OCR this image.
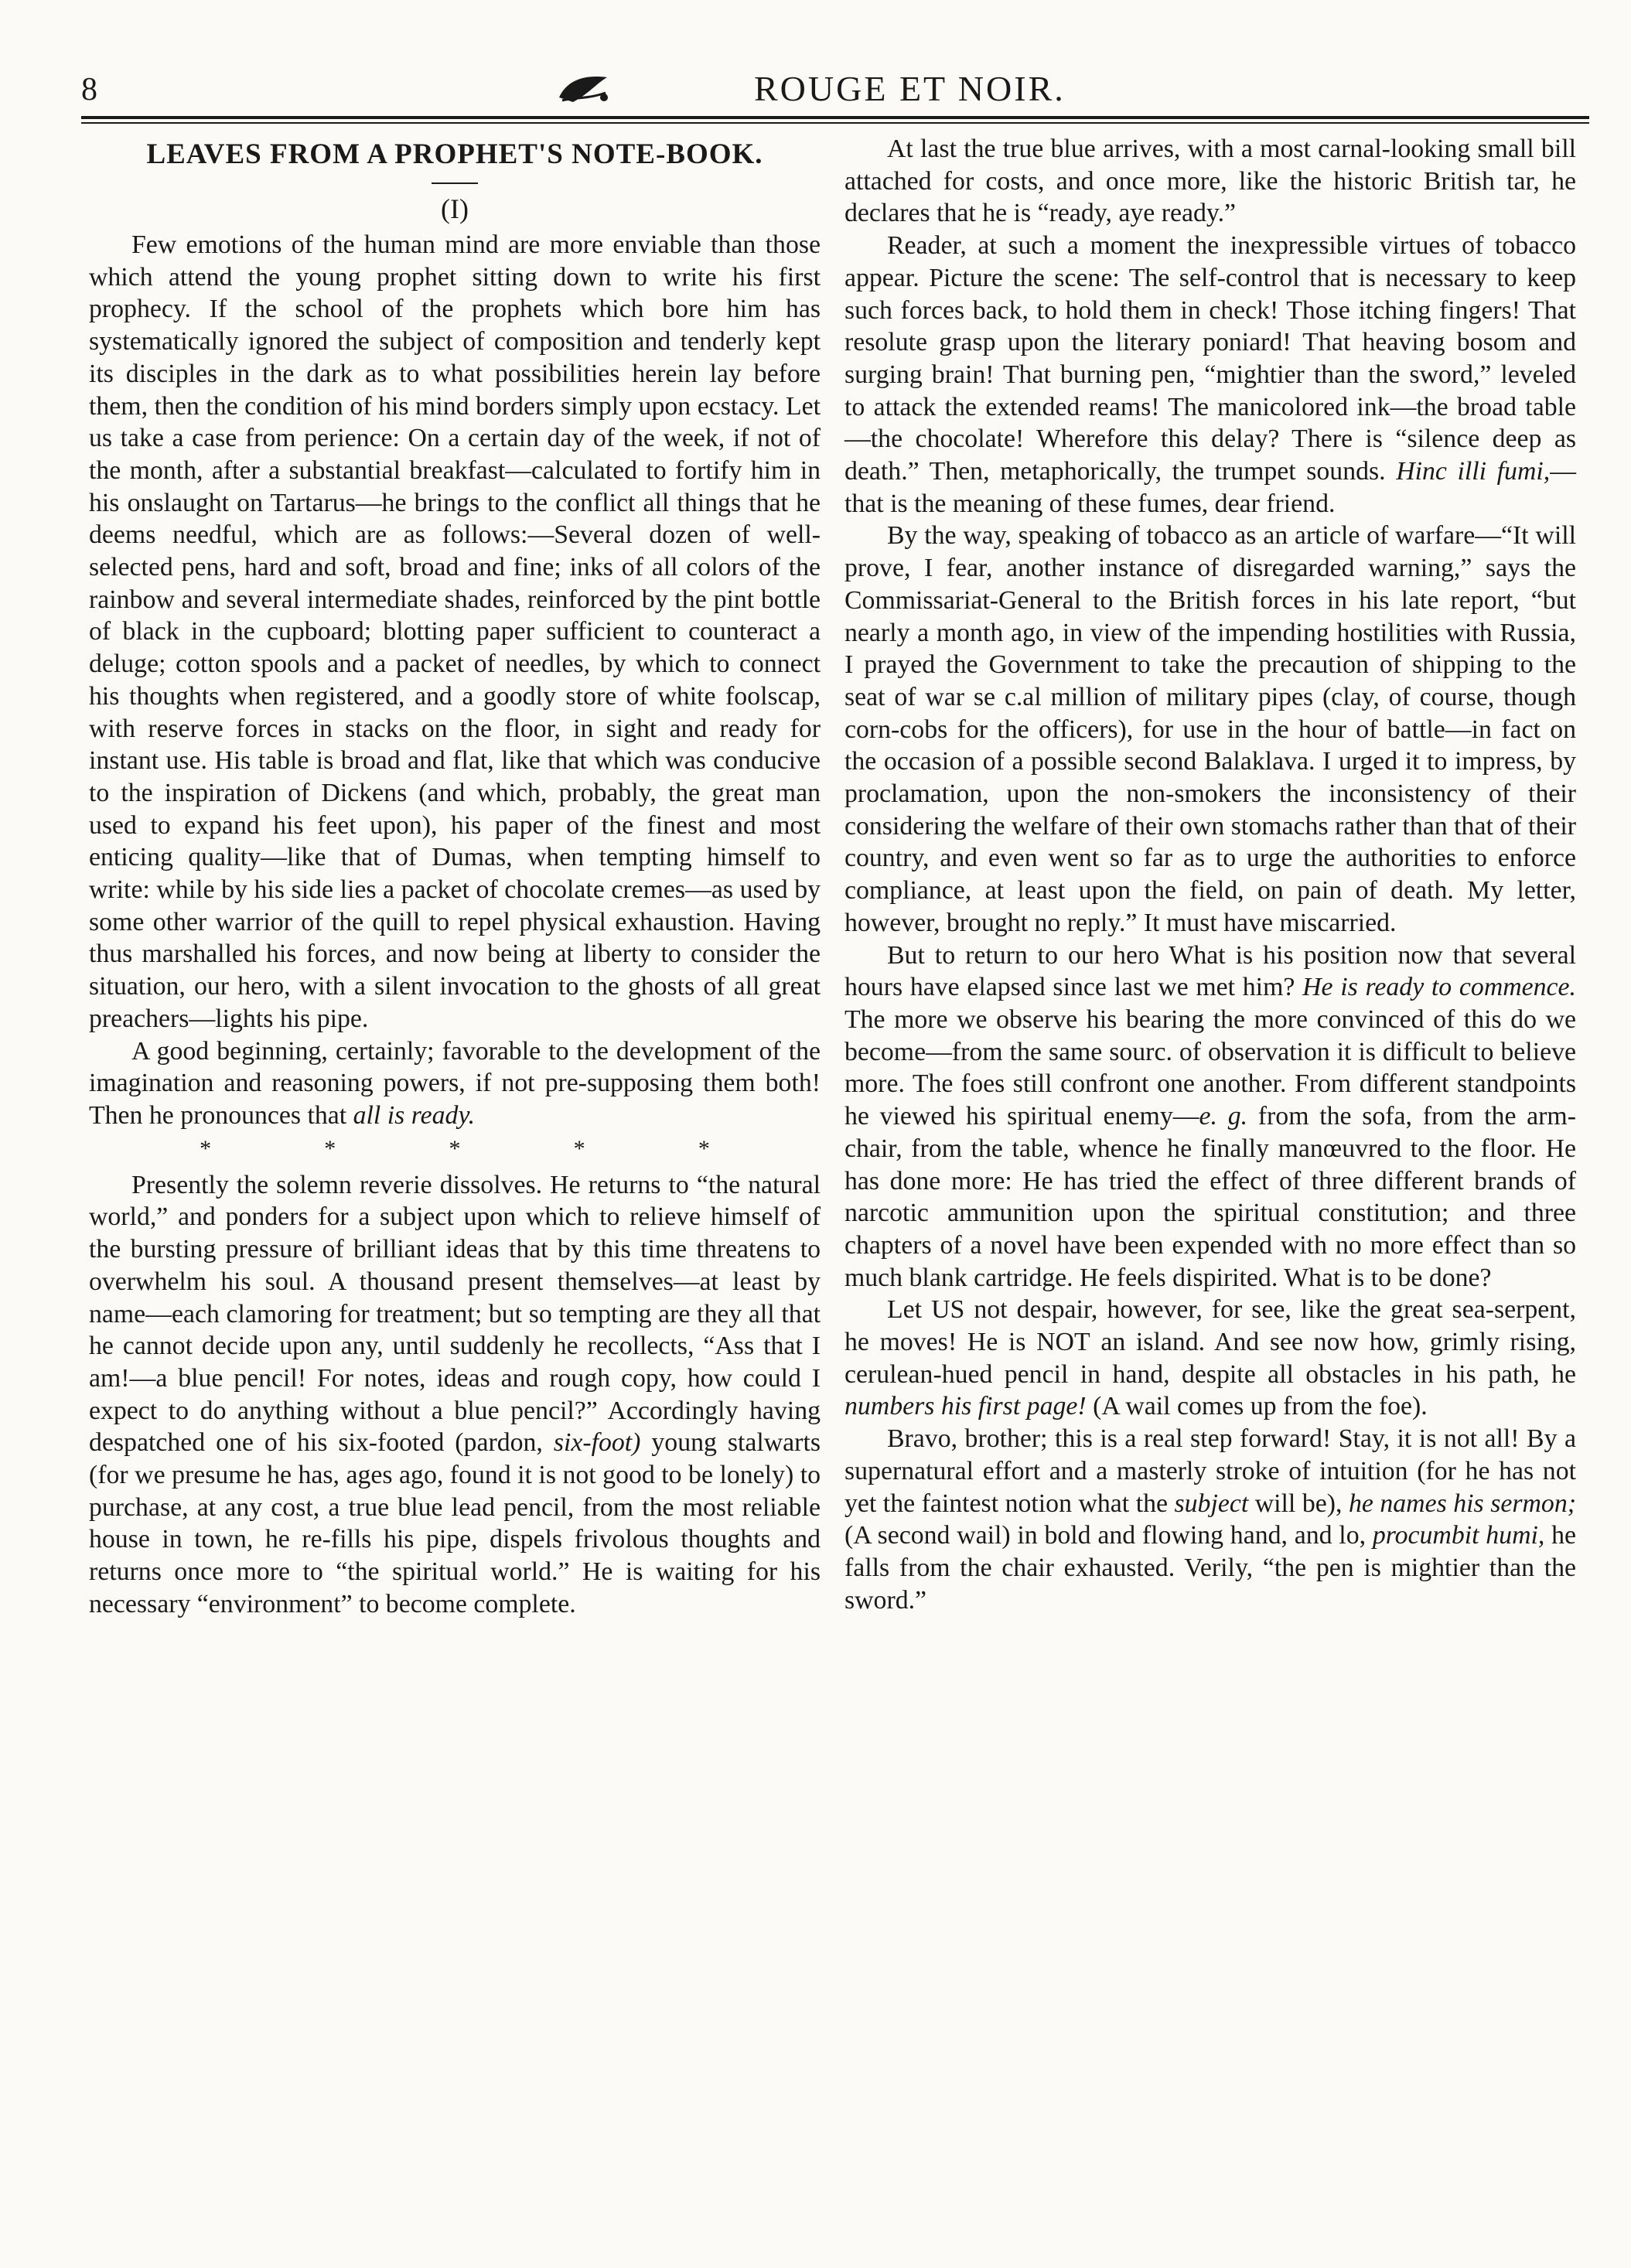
8	ROUGE ET NOIR.
LEAVES FROM A PROPHET'S NOTE-BOOK.
(I)

Few emotions of the human mind are more enviable than those which attend the young prophet sitting down to write his first prophecy. If the school of the prophets which bore him has systematically ignored the subject of composition and tenderly kept its disciples in the dark as to what possibilities herein lay before them, then the condition of his mind borders simply upon ecstacy. Let us take a case from perience: On a certain day of the week, if not of the month, after a substantial breakfast—calculated to fortify him in his onslaught on Tartarus—he brings to the conflict all things that he deems needful, which are as follows:—Several dozen of well-selected pens, hard and soft, broad and fine; inks of all colors of the rainbow and several intermediate shades, reinforced by the pint bottle of black in the cupboard; blotting paper sufficient to counteract a deluge; cotton spools and a packet of needles, by which to connect his thoughts when registered, and a goodly store of white foolscap, with reserve forces in stacks on the floor, in sight and ready for instant use. His table is broad and flat, like that which was conducive to the inspiration of Dickens (and which, probably, the great man used to expand his feet upon), his paper of the finest and most enticing quality—like that of Dumas, when tempting himself to write: while by his side lies a packet of chocolate cremes—as used by some other warrior of the quill to repel physical exhaustion. Having thus marshalled his forces, and now being at liberty to consider the situation, our hero, with a silent invocation to the ghosts of all great preachers—lights his pipe.

A good beginning, certainly; favorable to the development of the imagination and reasoning powers, if not pre-supposing them both! Then he pronounces that all is ready.

*	*	*	*	*

Presently the solemn reverie dissolves. He returns to “the natural world,” and ponders for a subject upon which to relieve himself of the bursting pressure of brilliant ideas that by this time threatens to overwhelm his soul. A thousand present themselves—at least by name—each clamoring for treatment; but so tempting are they all that he cannot decide upon any, until suddenly he recollects, “Ass that I am!—a blue pencil! For notes, ideas and rough copy, how could I expect to do anything without a blue pencil?” Accordingly having despatched one of his six-footed (pardon, six-foot) young stalwarts (for we presume he has, ages ago, found it is not good to be lonely) to purchase, at any cost, a true blue lead pencil, from the most reliable house in town, he re-fills his pipe, dispels frivolous thoughts and returns once more to “the spiritual world.” He is waiting for his necessary “environment” to become complete.

At last the true blue arrives, with a most carnal-looking small bill attached for costs, and once more, like the historic British tar, he declares that he is “ready, aye ready.”

Reader, at such a moment the inexpressible virtues of tobacco appear. Picture the scene: The self-control that is necessary to keep such forces back, to hold them in check! Those itching fingers! That resolute grasp upon the literary poniard! That heaving bosom and surging brain! That burning pen, “mightier than the sword,” leveled to attack the extended reams! The manicolored ink—the broad table—the chocolate! Wherefore this delay? There is “silence deep as death.” Then, metaphorically, the trumpet sounds. Hinc illi fumi,—that is the meaning of these fumes, dear friend.

By the way, speaking of tobacco as an article of warfare—“It will prove, I fear, another instance of disregarded warning,” says the Commissariat-General to the British forces in his late report, “but nearly a month ago, in view of the impending hostilities with Russia, I prayed the Government to take the precaution of shipping to the seat of war se c.al million of military pipes (clay, of course, though corn-cobs for the officers), for use in the hour of battle—in fact on the occasion of a possible second Balaklava. I urged it to impress, by proclamation, upon the non-smokers the inconsistency of their considering the welfare of their own stomachs rather than that of their country, and even went so far as to urge the authorities to enforce compliance, at least upon the field, on pain of death. My letter, however, brought no reply.” It must have miscarried.

But to return to our hero What is his position now that several hours have elapsed since last we met him? He is ready to commence. The more we observe his bearing the more convinced of this do we become—from the same sourc. of observation it is difficult to believe more. The foes still confront one another. From different standpoints he viewed his spiritual enemy—e. g. from the sofa, from the arm-chair, from the table, whence he finally manœuvred to the floor. He has done more: He has tried the effect of three different brands of narcotic ammunition upon the spiritual constitution; and three chapters of a novel have been expended with no more effect than so much blank cartridge. He feels dispirited. What is to be done?

Let US not despair, however, for see, like the great sea-serpent, he moves! He is NOT an island. And see now how, grimly rising, cerulean-hued pencil in hand, despite all obstacles in his path, he numbers his first page! (A wail comes up from the foe).

Bravo, brother; this is a real step forward! Stay, it is not all! By a supernatural effort and a masterly stroke of intuition (for he has not yet the faintest notion what the subject will be), he names his sermon; (A second wail) in bold and flowing hand, and lo, procumbit humi, he falls from the chair exhausted. Verily, “the pen is mightier than the sword.”
